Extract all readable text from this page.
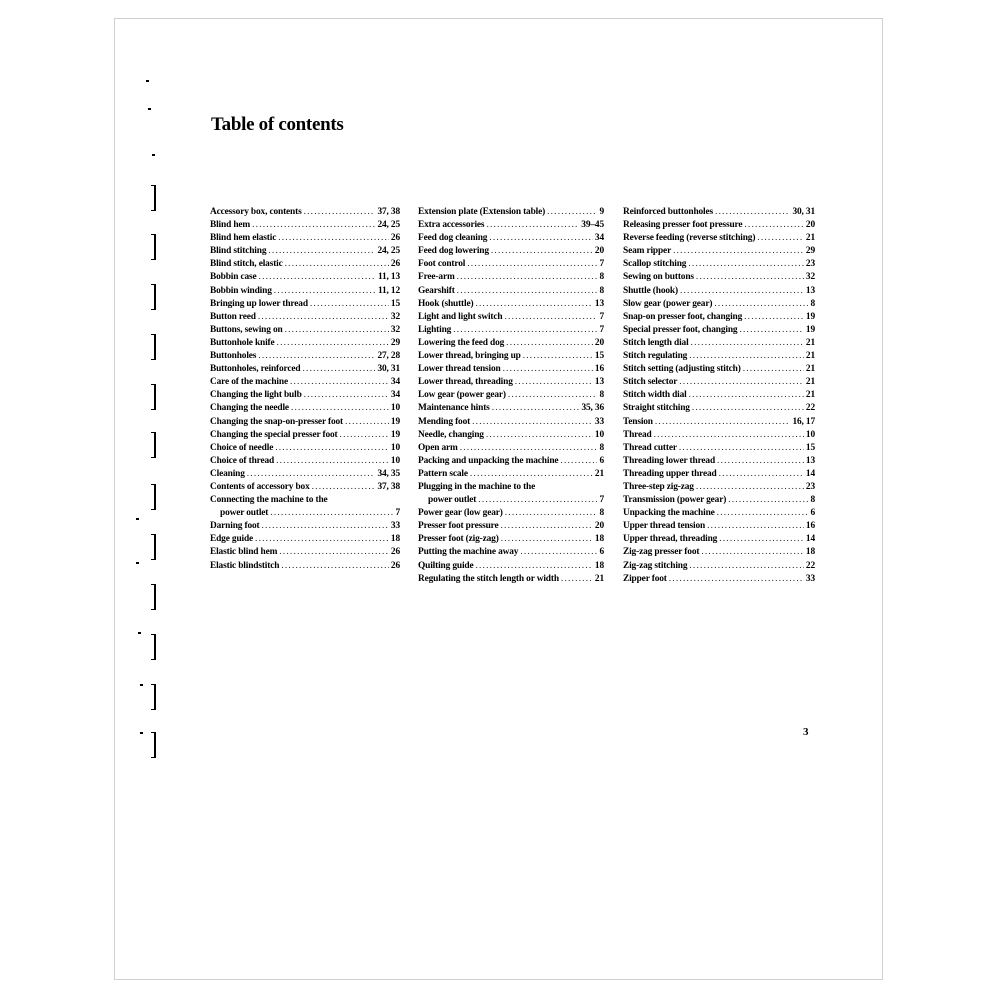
Table of contents
Accessory box, contents .....	37, 38
Blind hem .....	24, 25
Blind hem elastic .....	26
Blind stitching .....	24, 25
Blind stitch, elastic .....	26
Bobbin case .....	11, 13
Bobbin winding .....	11, 12
Bringing up lower thread .....	15
Button reed .....	32
Buttons, sewing on .....	32
Buttonhole knife .....	29
Buttonholes .....	27, 28
Buttonholes, reinforced .....	30, 31
Care of the machine .....	34
Changing the light bulb .....	34
Changing the needle .....	10
Changing the snap-on-presser foot .....	19
Changing the special presser foot .....	19
Choice of needle .....	10
Choice of thread .....	10
Cleaning .....	34, 35
Contents of accessory box .....	37, 38
Connecting the machine to the
power outlet .....	7
Darning foot .....	33
Edge guide .....	18
Elastic blind hem .....	26
Elastic blindstitch .....	26
Extension plate (Extension table) .....	9
Extra accessories .....	39–45
Feed dog cleaning .....	34
Feed dog lowering .....	20
Foot control .....	7
Free-arm .....	8
Gearshift .....	8
Hook (shuttle) .....	13
Light and light switch .....	7
Lighting .....	7
Lowering the feed dog .....	20
Lower thread, bringing up .....	15
Lower thread tension .....	16
Lower thread, threading .....	13
Low gear (power gear) .....	8
Maintenance hints .....	35, 36
Mending foot .....	33
Needle, changing .....	10
Open arm .....	8
Packing and unpacking the machine .....	6
Pattern scale .....	21
Plugging in the machine to the
power outlet .....	7
Power gear (low gear) .....	8
Presser foot pressure .....	20
Presser foot (zig-zag) .....	18
Putting the machine away .....	6
Quilting guide .....	18
Regulating the stitch length or width .....	21
Reinforced buttonholes .....	30, 31
Releasing presser foot pressure .....	20
Reverse feeding (reverse stitching) .....	21
Seam ripper .....	29
Scallop stitching .....	23
Sewing on buttons .....	32
Shuttle (hook) .....	13
Slow gear (power gear) .....	8
Snap-on presser foot, changing .....	19
Special presser foot, changing .....	19
Stitch length dial .....	21
Stitch regulating .....	21
Stitch setting (adjusting stitch) .....	21
Stitch selector .....	21
Stitch width dial .....	21
Straight stitching .....	22
Tension .....	16, 17
Thread .....	10
Thread cutter .....	15
Threading lower thread .....	13
Threading upper thread .....	14
Three-step zig-zag .....	23
Transmission (power gear) .....	8
Unpacking the machine .....	6
Upper thread tension .....	16
Upper thread, threading .....	14
Zig-zag presser foot .....	18
Zig-zag stitching .....	22
Zipper foot .....	33
3
